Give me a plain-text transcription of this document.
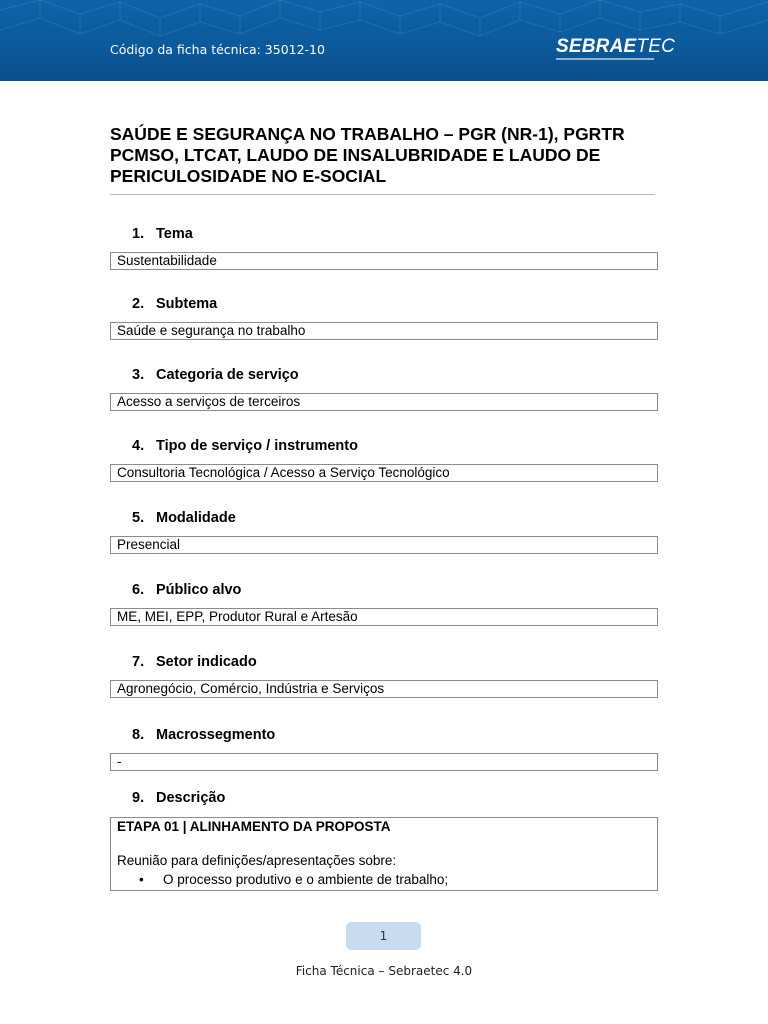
Código da ficha técnica: 35012-10	SEBRAETEC
SAÚDE E SEGURANÇA NO TRABALHO – PGR (NR-1), PGRTR PCMSO, LTCAT, LAUDO DE INSALUBRIDADE E LAUDO DE PERICULOSIDADE NO E-SOCIAL
1. Tema
Sustentabilidade
2. Subtema
Saúde e segurança no trabalho
3. Categoria de serviço
Acesso a serviços de terceiros
4. Tipo de serviço / instrumento
Consultoria Tecnológica / Acesso a Serviço Tecnológico
5. Modalidade
Presencial
6. Público alvo
ME, MEI, EPP, Produtor Rural e Artesão
7. Setor indicado
Agronegócio, Comércio, Indústria e Serviços
8. Macrossegmento
-
9. Descrição
ETAPA 01 | ALINHAMENTO DA PROPOSTA
Reunião para definições/apresentações sobre:
• O processo produtivo e o ambiente de trabalho;
1
Ficha Técnica – Sebraetec 4.0
